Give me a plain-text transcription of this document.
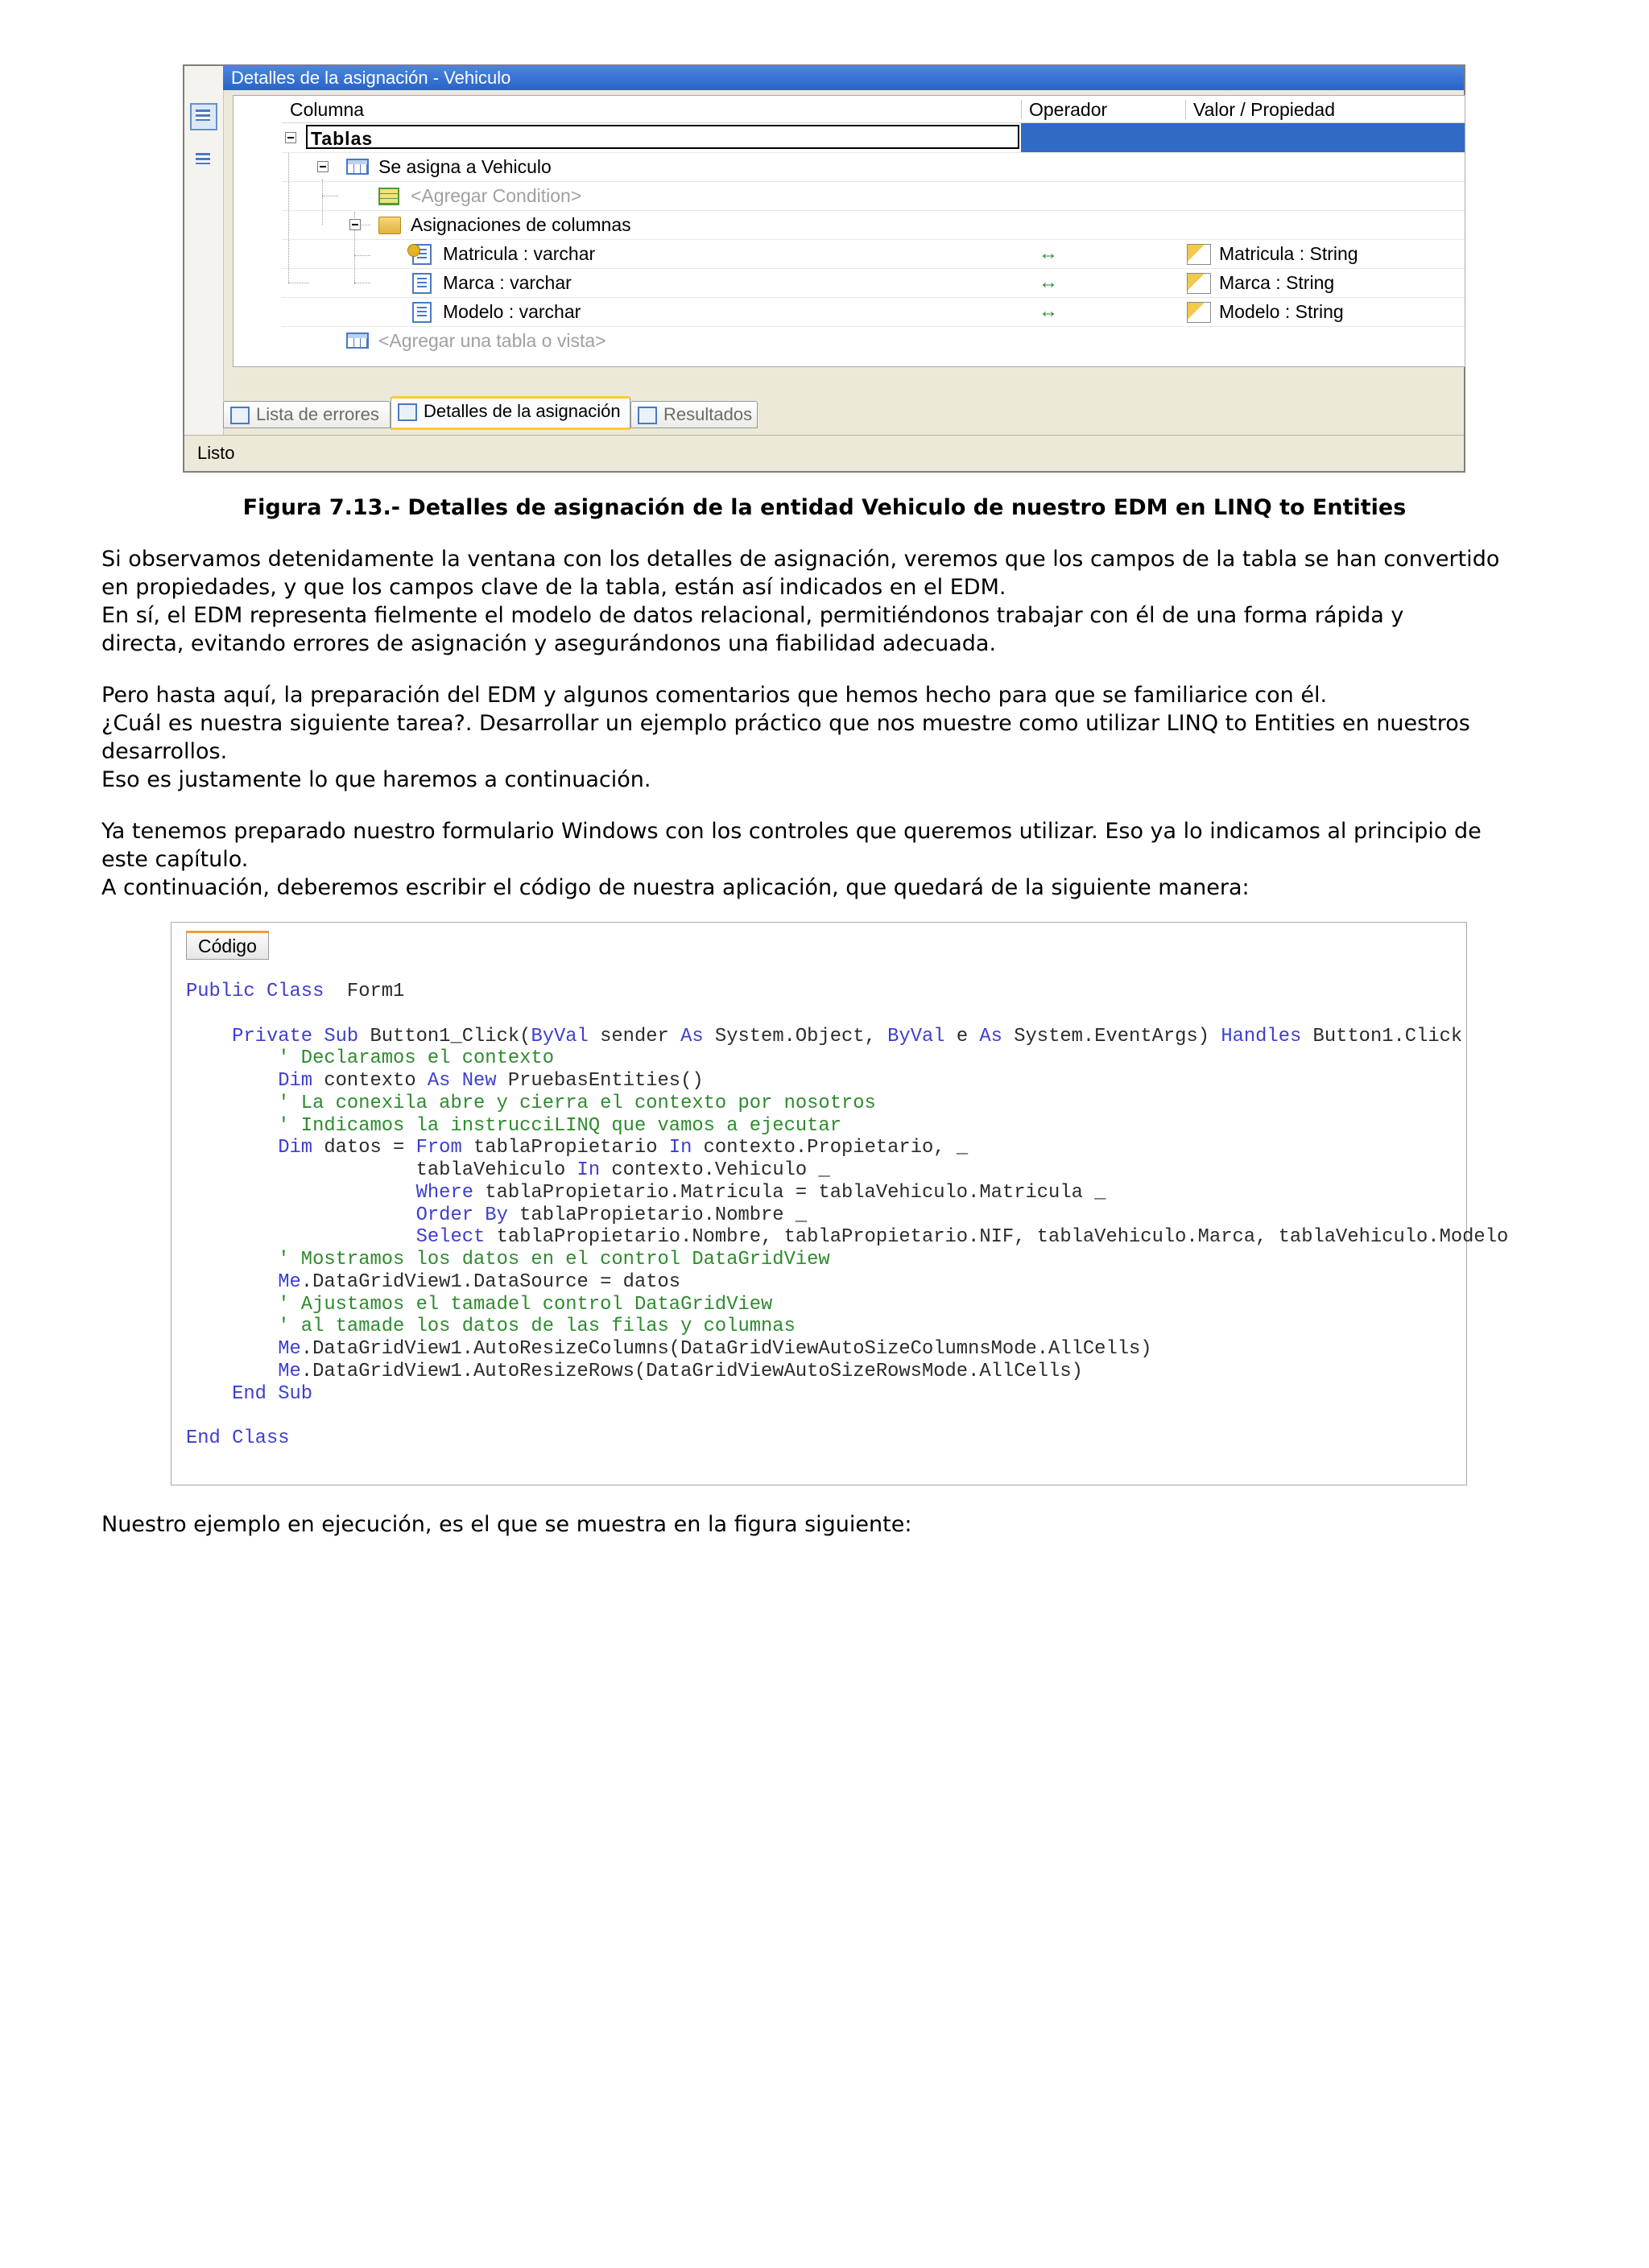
Detalles de la asignación - Vehiculo
Columna	Operador	Valor / Propiedad
Tablas
Se asigna a Vehiculo
<Agregar Condition>
Asignaciones de columnas
Matricula : varchar	↔	Matricula : String
Marca : varchar	↔	Marca : String
Modelo : varchar	↔	Modelo : String
<Agregar una tabla o vista>
Lista de errores	Detalles de la asignación	Resultados
Listo
Figura 7.13.- Detalles de asignación de la entidad Vehiculo de nuestro EDM en LINQ to Entities
Si observamos detenidamente la ventana con los detalles de asignación, veremos que los campos de la tabla se han convertido
en propiedades, y que los campos clave de la tabla, están así indicados en el EDM.
En sí, el EDM representa fielmente el modelo de datos relacional, permitiéndonos trabajar con él de una forma rápida y
directa, evitando errores de asignación y asegurándonos una fiabilidad adecuada.
Pero hasta aquí, la preparación del EDM y algunos comentarios que hemos hecho para que se familiarice con él.
¿Cuál es nuestra siguiente tarea?. Desarrollar un ejemplo práctico que nos muestre como utilizar LINQ to Entities en nuestros
desarrollos.
Eso es justamente lo que haremos a continuación.
Ya tenemos preparado nuestro formulario Windows con los controles que queremos utilizar. Eso ya lo indicamos al principio de
este capítulo.
A continuación, deberemos escribir el código de nuestra aplicación, que quedará de la siguiente manera:
Código
Public Class  Form1
Private Sub Button1_Click(ByVal sender As System.Object, ByVal e As System.EventArgs) Handles Button1.Click
' Declaramos el contexto
Dim contexto As New PruebasEntities()
' La conexila abre y cierra el contexto por nosotros
' Indicamos la instrucciLINQ que vamos a ejecutar
Dim datos = From tablaPropietario In contexto.Propietario, _
tablaVehiculo In contexto.Vehiculo _
Where tablaPropietario.Matricula = tablaVehiculo.Matricula _
Order By tablaPropietario.Nombre _
Select tablaPropietario.Nombre, tablaPropietario.NIF, tablaVehiculo.Marca, tablaVehiculo.Modelo
' Mostramos los datos en el control DataGridView
Me.DataGridView1.DataSource = datos
' Ajustamos el tamadel control DataGridView
' al tamade los datos de las filas y columnas
Me.DataGridView1.AutoResizeColumns(DataGridViewAutoSizeColumnsMode.AllCells)
Me.DataGridView1.AutoResizeRows(DataGridViewAutoSizeRowsMode.AllCells)
End Sub
End Class
Nuestro ejemplo en ejecución, es el que se muestra en la figura siguiente:
